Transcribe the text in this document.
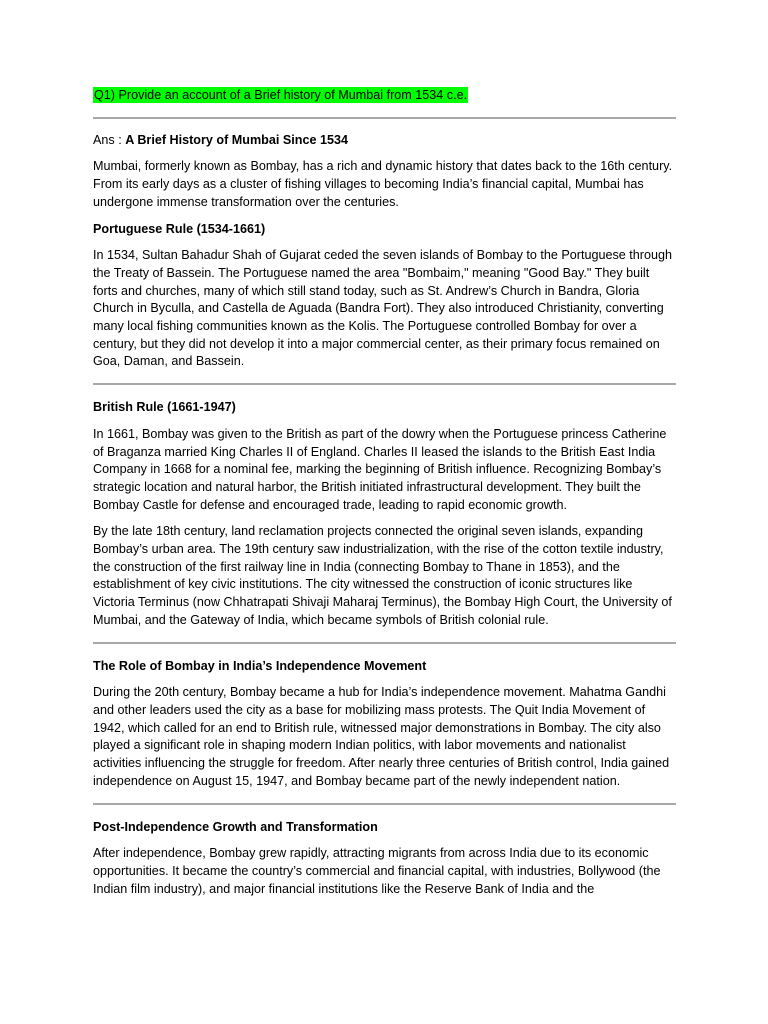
Q1) Provide an account of a Brief history of Mumbai from 1534 c.e.

Ans : A Brief History of Mumbai Since 1534

Mumbai, formerly known as Bombay, has a rich and dynamic history that dates back to the 16th century. From its early days as a cluster of fishing villages to becoming India’s financial capital, Mumbai has undergone immense transformation over the centuries.

Portuguese Rule (1534-1661)

In 1534, Sultan Bahadur Shah of Gujarat ceded the seven islands of Bombay to the Portuguese through the Treaty of Bassein. The Portuguese named the area "Bombaim," meaning "Good Bay." They built forts and churches, many of which still stand today, such as St. Andrew’s Church in Bandra, Gloria Church in Byculla, and Castella de Aguada (Bandra Fort). They also introduced Christianity, converting many local fishing communities known as the Kolis. The Portuguese controlled Bombay for over a century, but they did not develop it into a major commercial center, as their primary focus remained on Goa, Daman, and Bassein.

British Rule (1661-1947)

In 1661, Bombay was given to the British as part of the dowry when the Portuguese princess Catherine of Braganza married King Charles II of England. Charles II leased the islands to the British East India Company in 1668 for a nominal fee, marking the beginning of British influence. Recognizing Bombay’s strategic location and natural harbor, the British initiated infrastructural development. They built the Bombay Castle for defense and encouraged trade, leading to rapid economic growth.

By the late 18th century, land reclamation projects connected the original seven islands, expanding Bombay’s urban area. The 19th century saw industrialization, with the rise of the cotton textile industry, the construction of the first railway line in India (connecting Bombay to Thane in 1853), and the establishment of key civic institutions. The city witnessed the construction of iconic structures like Victoria Terminus (now Chhatrapati Shivaji Maharaj Terminus), the Bombay High Court, the University of Mumbai, and the Gateway of India, which became symbols of British colonial rule.

The Role of Bombay in India’s Independence Movement

During the 20th century, Bombay became a hub for India’s independence movement. Mahatma Gandhi and other leaders used the city as a base for mobilizing mass protests. The Quit India Movement of 1942, which called for an end to British rule, witnessed major demonstrations in Bombay. The city also played a significant role in shaping modern Indian politics, with labor movements and nationalist activities influencing the struggle for freedom. After nearly three centuries of British control, India gained independence on August 15, 1947, and Bombay became part of the newly independent nation.

Post-Independence Growth and Transformation

After independence, Bombay grew rapidly, attracting migrants from across India due to its economic opportunities. It became the country’s commercial and financial capital, with industries, Bollywood (the Indian film industry), and major financial institutions like the Reserve Bank of India and the
